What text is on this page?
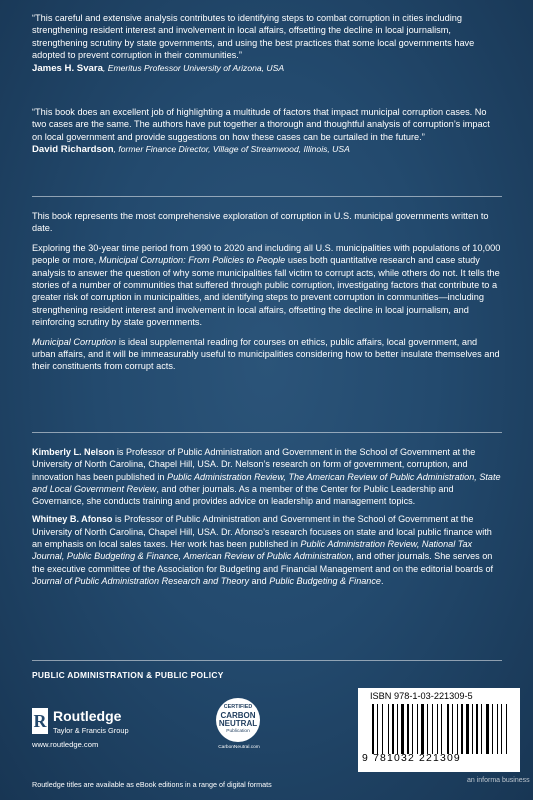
“This careful and extensive analysis contributes to identifying steps to combat corruption in cities including strengthening resident interest and involvement in local affairs, offsetting the decline in local journalism, strengthening scrutiny by state governments, and using the best practices that some local governments have adopted to prevent corruption in their communities.”
James H. Svara, Emeritus Professor University of Arizona, USA
“This book does an excellent job of highlighting a multitude of factors that impact municipal corruption cases. No two cases are the same. The authors have put together a thorough and thoughtful analysis of corruption’s impact on local government and provide suggestions on how these cases can be curtailed in the future.”
David Richardson, former Finance Director, Village of Streamwood, Illinois, USA

This book represents the most comprehensive exploration of corruption in U.S. municipal governments written to date.

Exploring the 30-year time period from 1990 to 2020 and including all U.S. municipalities with populations of 10,000 people or more, Municipal Corruption: From Policies to People uses both quantitative research and case study analysis to answer the question of why some municipalities fall victim to corrupt acts, while others do not. It tells the stories of a number of communities that suffered through public corruption, investigating factors that contribute to a greater risk of corruption in municipalities, and identifying steps to prevent corruption in communities—including strengthening resident interest and involvement in local affairs, offsetting the decline in local journalism, and reinforcing scrutiny by state governments.

Municipal Corruption is ideal supplemental reading for courses on ethics, public affairs, local government, and urban affairs, and it will be immeasurably useful to municipalities considering how to better insulate themselves and their constituents from corrupt acts.

Kimberly L. Nelson is Professor of Public Administration and Government in the School of Government at the University of North Carolina, Chapel Hill, USA. Dr. Nelson’s research on form of government, corruption, and innovation has been published in Public Administration Review, The American Review of Public Administration, State and Local Government Review, and other journals. As a member of the Center for Public Leadership and Governance, she conducts training and provides advice on leadership and management topics.

Whitney B. Afonso is Professor of Public Administration and Government in the School of Government at the University of North Carolina, Chapel Hill, USA. Dr. Afonso’s research focuses on state and local public finance with an emphasis on local sales taxes. Her work has been published in Public Administration Review, National Tax Journal, Public Budgeting & Finance, American Review of Public Administration, and other journals. She serves on the executive committee of the Association for Budgeting and Financial Management and on the editorial boards of Journal of Public Administration Research and Theory and Public Budgeting & Finance.

PUBLIC ADMINISTRATION & PUBLIC POLICY
R Routledge
Taylor & Francis Group
www.routledge.com
CERTIFIED
CARBON
NEUTRAL
Publication
CarbonNeutral.com
ISBN 978-1-03-221309-5
9 781032 221309
Routledge titles are available as eBook editions in a range of digital formats	an informa business
